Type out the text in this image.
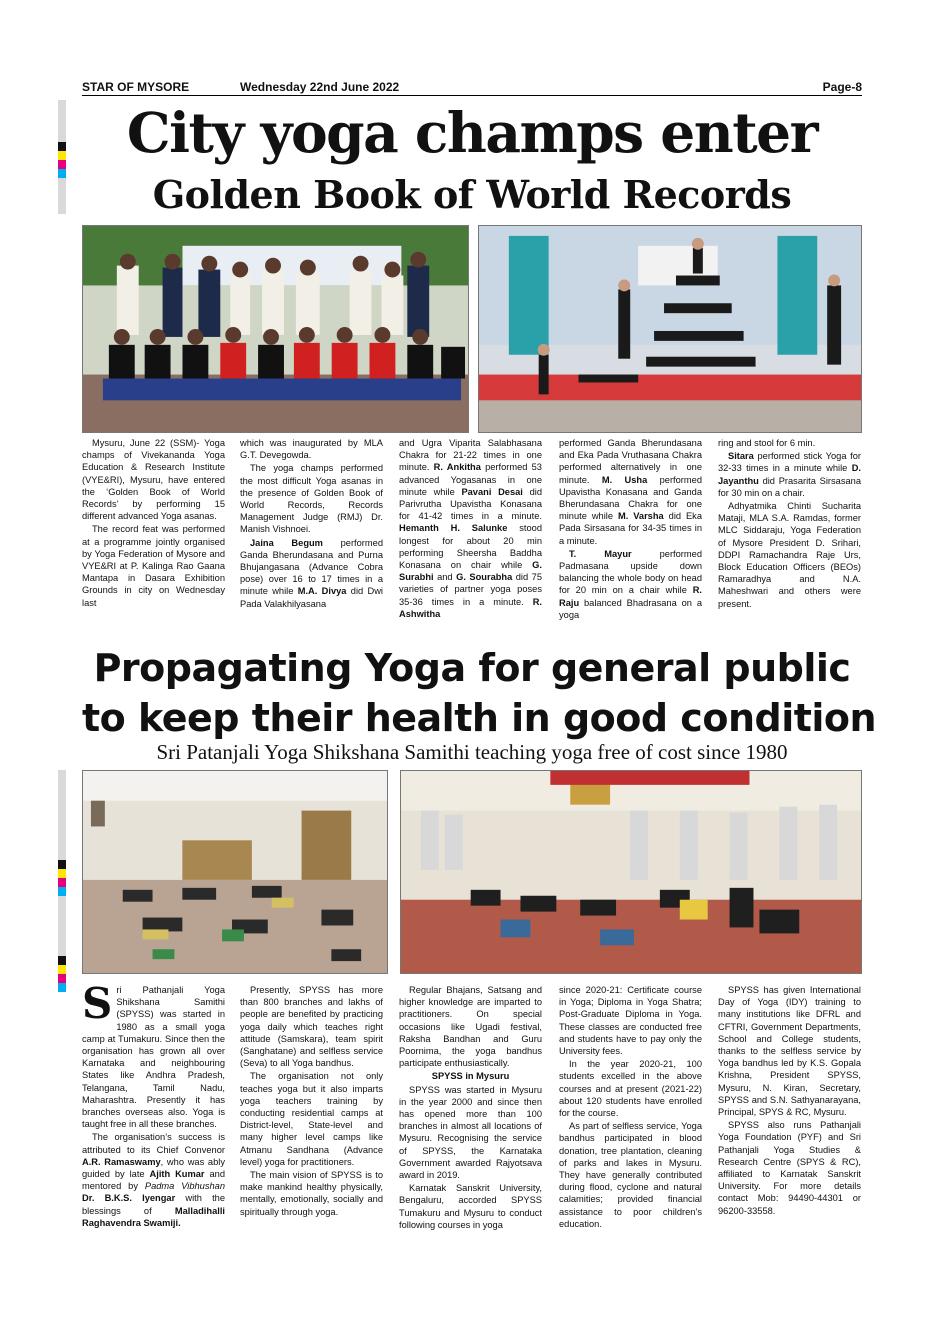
STAR OF MYSORE	Wednesday 22nd June 2022	Page-8
City yoga champs enter
Golden Book of World Records

Mysuru, June 22 (SSM)- Yoga champs of Vivekananda Yoga Education & Research Institute (VYE&RI), Mysuru, have entered the ‘Golden Book of World Records’ by performing 15 different advanced Yoga asanas.

The record feat was performed at a programme jointly organised by Yoga Federation of Mysore and VYE&RI at P. Kalinga Rao Gaana Mantapa in Dasara Exhibition Grounds in city on Wednesday last

which was inaugurated by MLA G.T. Devegowda.

The yoga champs performed the most difficult Yoga asanas in the presence of Golden Book of World Records, Records Management Judge (RMJ) Dr. Manish Vishnoei.

Jaina Begum performed Ganda Bherundasana and Purna Bhujangasana (Advance Cobra pose) over 16 to 17 times in a minute while M.A. Divya did Dwi Pada Valakhilyasana

and Ugra Viparita Salabhasana Chakra for 21-22 times in one minute. R. Ankitha performed 53 advanced Yogasanas in one minute while Pavani Desai did Parivrutha Upavistha Konasana for 41-42 times in a minute. Hemanth H. Salunke stood longest for about 20 min performing Sheersha Baddha Konasana on chair while G. Surabhi and G. Sourabha did 75 varieties of partner yoga poses 35-36 times in a minute. R. Ashwitha

performed Ganda Bherundasana and Eka Pada Vruthasana Chakra performed alternatively in one minute. M. Usha performed Upavistha Konasana and Ganda Bherundasana Chakra for one minute while M. Varsha did Eka Pada Sirsasana for 34-35 times in a minute.

T. Mayur performed Padmasana upside down balancing the whole body on head for 20 min on a chair while R. Raju balanced Bhadrasana on a yoga

ring and stool for 6 min.

Sitara performed stick Yoga for 32-33 times in a minute while D. Jayanthu did Prasarita Sirsasana for 30 min on a chair.

Adhyatmika Chinti Sucharita Mataji, MLA S.A. Ramdas, former MLC Siddaraju, Yoga Federation of Mysore President D. Srihari, DDPI Ramachandra Raje Urs, Block Education Officers (BEOs) Ramaradhya and N.A. Maheshwari and others were present.

Propagating Yoga for general public
to keep their health in good condition
Sri Patanjali Yoga Shikshana Samithi teaching yoga free of cost since 1980

Sri Pathanjali Yoga Shikshana Samithi (SPYSS) was started in 1980 as a small yoga camp at Tumakuru. Since then the organisation has grown all over Karnataka and neighbouring States like Andhra Pradesh, Telangana, Tamil Nadu, Maharashtra. Presently it has branches overseas also. Yoga is taught free in all these branches.

The organisation’s success is attributed to its Chief Convenor A.R. Ramaswamy, who was ably guided by late Ajith Kumar and mentored by Padma Vibhushan Dr. B.K.S. Iyengar with the blessings of Malladihalli Raghavendra Swamiji.

Presently, SPYSS has more than 800 branches and lakhs of people are benefited by practicing yoga daily which teaches right attitude (Samskara), team spirit (Sanghatane) and selfless service (Seva) to all Yoga bandhus.

The organisation not only teaches yoga but it also imparts yoga teachers training by conducting residential camps at District-level, State-level and many higher level camps like Atmanu Sandhana (Advance level) yoga for practitioners.

The main vision of SPYSS is to make mankind healthy physically, mentally, emotionally, socially and spiritually through yoga.

Regular Bhajans, Satsang and higher knowledge are imparted to practitioners. On special occasions like Ugadi festival, Raksha Bandhan and Guru Poornima, the yoga bandhus participate enthusiastically.

SPYSS in Mysuru

SPYSS was started in Mysuru in the year 2000 and since then has opened more than 100 branches in almost all locations of Mysuru. Recognising the service of SPYSS, the Karnataka Government awarded Rajyotsava award in 2019.

Karnatak Sanskrit University, Bengaluru, accorded SPYSS Tumakuru and Mysuru to conduct following courses in yoga

since 2020-21: Certificate course in Yoga; Diploma in Yoga Shatra; Post-Graduate Diploma in Yoga. These classes are conducted free and students have to pay only the University fees.

In the year 2020-21, 100 students excelled in the above courses and at present (2021-22) about 120 students have enrolled for the course.

As part of selfless service, Yoga bandhus participated in blood donation, tree plantation, cleaning of parks and lakes in Mysuru. They have generally contributed during flood, cyclone and natural calamities; provided financial assistance to poor children’s education.

SPYSS has given International Day of Yoga (IDY) training to many institutions like DFRL and CFTRI, Government Departments, School and College students, thanks to the selfless service by Yoga bandhus led by K.S. Gopala Krishna, President SPYSS, Mysuru, N. Kiran, Secretary, SPYSS and S.N. Sathyanarayana, Principal, SPYS & RC, Mysuru.

SPYSS also runs Pathanjali Yoga Foundation (PYF) and Sri Pathanjali Yoga Studies & Research Centre (SPYS & RC), affiliated to Karnatak Sanskrit University. For more details contact Mob: 94490-44301 or 96200-33558.
